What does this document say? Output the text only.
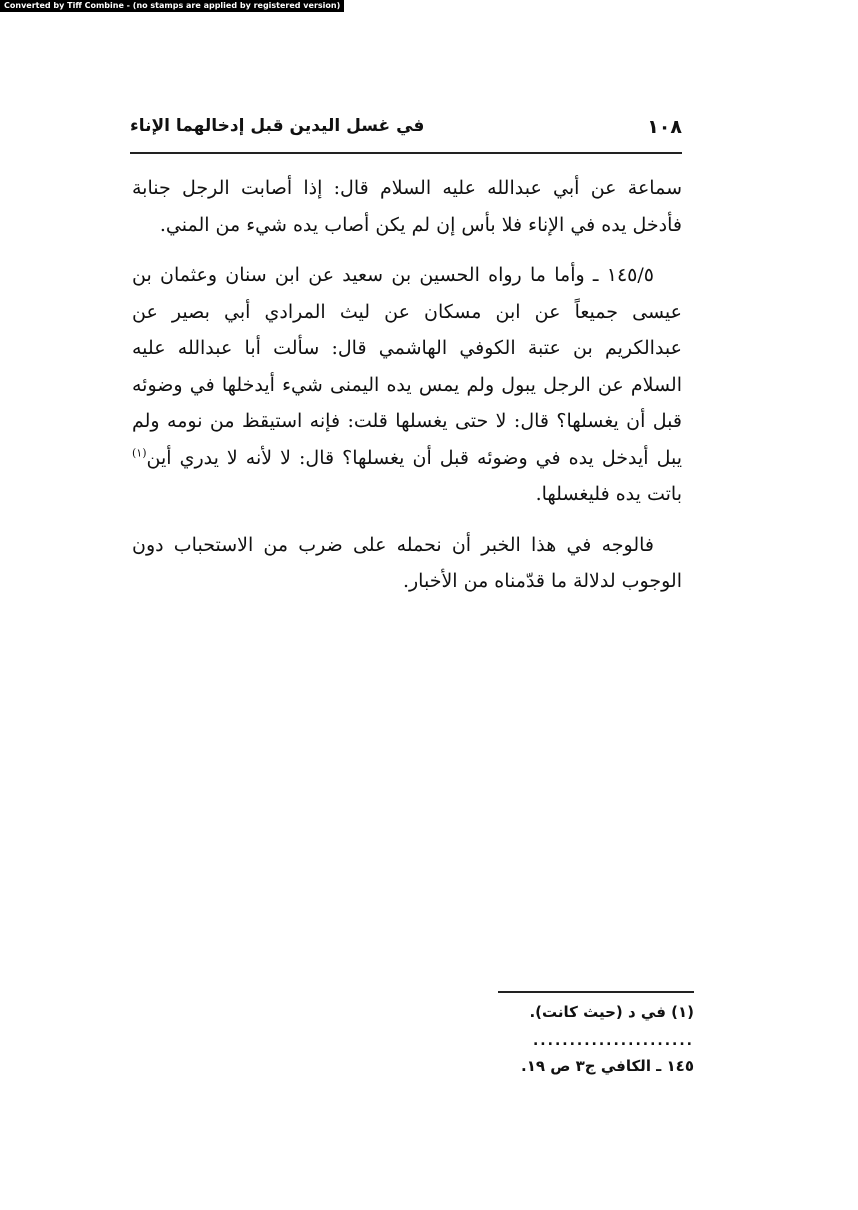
Converted by Tiff Combine - (no stamps are applied by registered version)
١٠٨
في غسل اليدين قبل إدخالهما الإناء

سماعة عن أبي عبدالله عليه السلام قال: إذا أصابت الرجل جنابة فأدخل يده في الإناء فلا بأس إن لم يكن أصاب يده شيء من المني.

١٤٥/٥ ـ وأما ما رواه الحسين بن سعيد عن ابن سنان وعثمان بن عيسى جميعاً عن ابن مسكان عن ليث المرادي أبي بصير عن عبدالكريم بن عتبة الكوفي الهاشمي قال: سألت أبا عبدالله عليه السلام عن الرجل يبول ولم يمس يده اليمنى شيء أيدخلها في وضوئه قبل أن يغسلها؟ قال: لا حتى يغسلها قلت: فإنه استيقظ من نومه ولم يبل أيدخل يده في وضوئه قبل أن يغسلها؟ قال: لا لأنه لا يدري أين$^{(١)}$ باتت يده فليغسلها.

فالوجه في هذا الخبر أن نحمله على ضرب من الاستحباب دون الوجوب لدلالة ما قدّمناه من الأخبار.

(١) في د (حيث كانت).
......................
١٤٥ ـ الكافي ج٣ ص ١٩.
